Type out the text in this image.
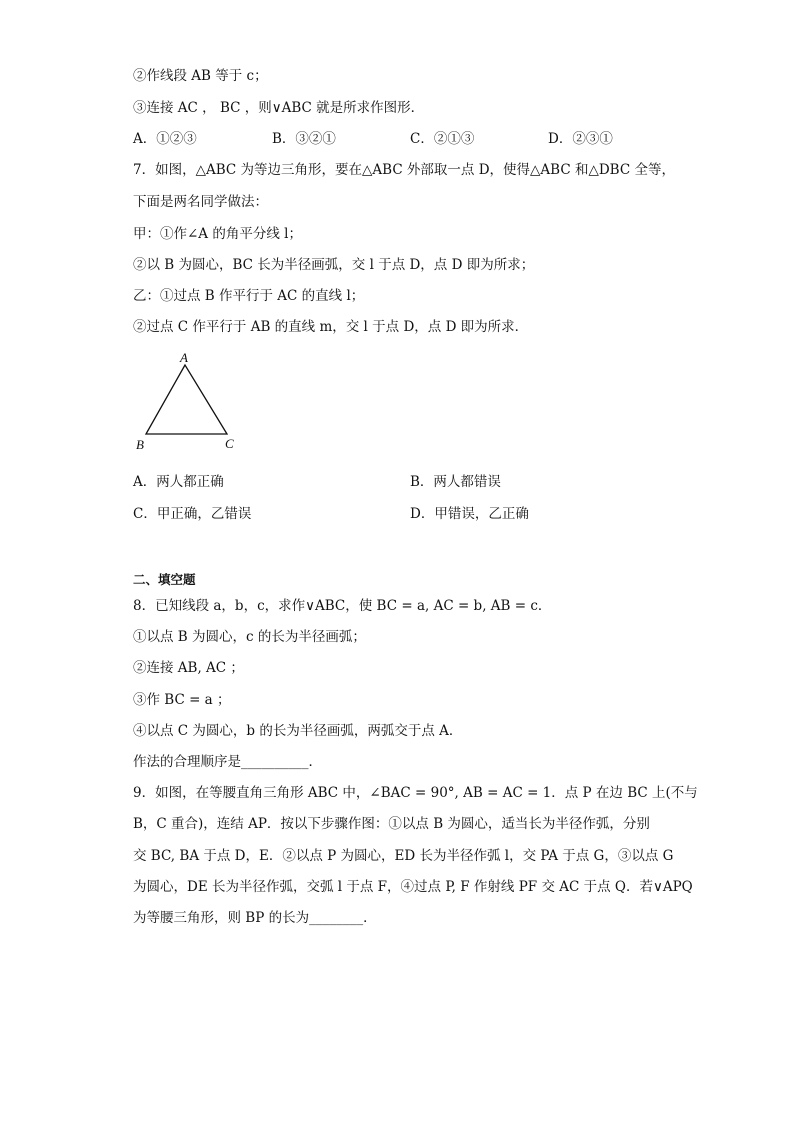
②作线段 AB 等于 c；
③连接 AC ， BC ，则∨ABC 就是所求作图形．
A．①②③	B．③②①	C．②①③	D．②③①
7．如图，△ABC 为等边三角形，要在△ABC 外部取一点 D，使得△ABC 和△DBC 全等，
下面是两名同学做法：
甲：①作∠A 的角平分线 l；
②以 B 为圆心，BC 长为半径画弧，交 l 于点 D，点 D 即为所求；
乙：①过点 B 作平行于 AC 的直线 l；
②过点 C 作平行于 AB 的直线 m，交 l 于点 D，点 D 即为所求．
A
B	C
A．两人都正确	B．两人都错误
C．甲正确，乙错误	D．甲错误，乙正确
二、填空题
8．已知线段 a，b，c，求作∨ABC，使 BC = a, AC = b, AB = c．
①以点 B 为圆心，c 的长为半径画弧；
②连接 AB, AC ；
③作 BC = a ；
④以点 C 为圆心，b 的长为半径画弧，两弧交于点 A．
作法的合理顺序是__________．
9．如图，在等腰直角三角形 ABC 中，∠BAC = 90°, AB = AC = 1．点 P 在边 BC 上(不与
B，C 重合)，连结 AP．按以下步骤作图：①以点 B 为圆心，适当长为半径作弧，分别
交 BC, BA 于点 D，E．②以点 P 为圆心，ED 长为半径作弧 l，交 PA 于点 G，③以点 G
为圆心，DE 长为半径作弧，交弧 l 于点 F，④过点 P, F 作射线 PF 交 AC 于点 Q．若∨APQ
为等腰三角形，则 BP 的长为________．
